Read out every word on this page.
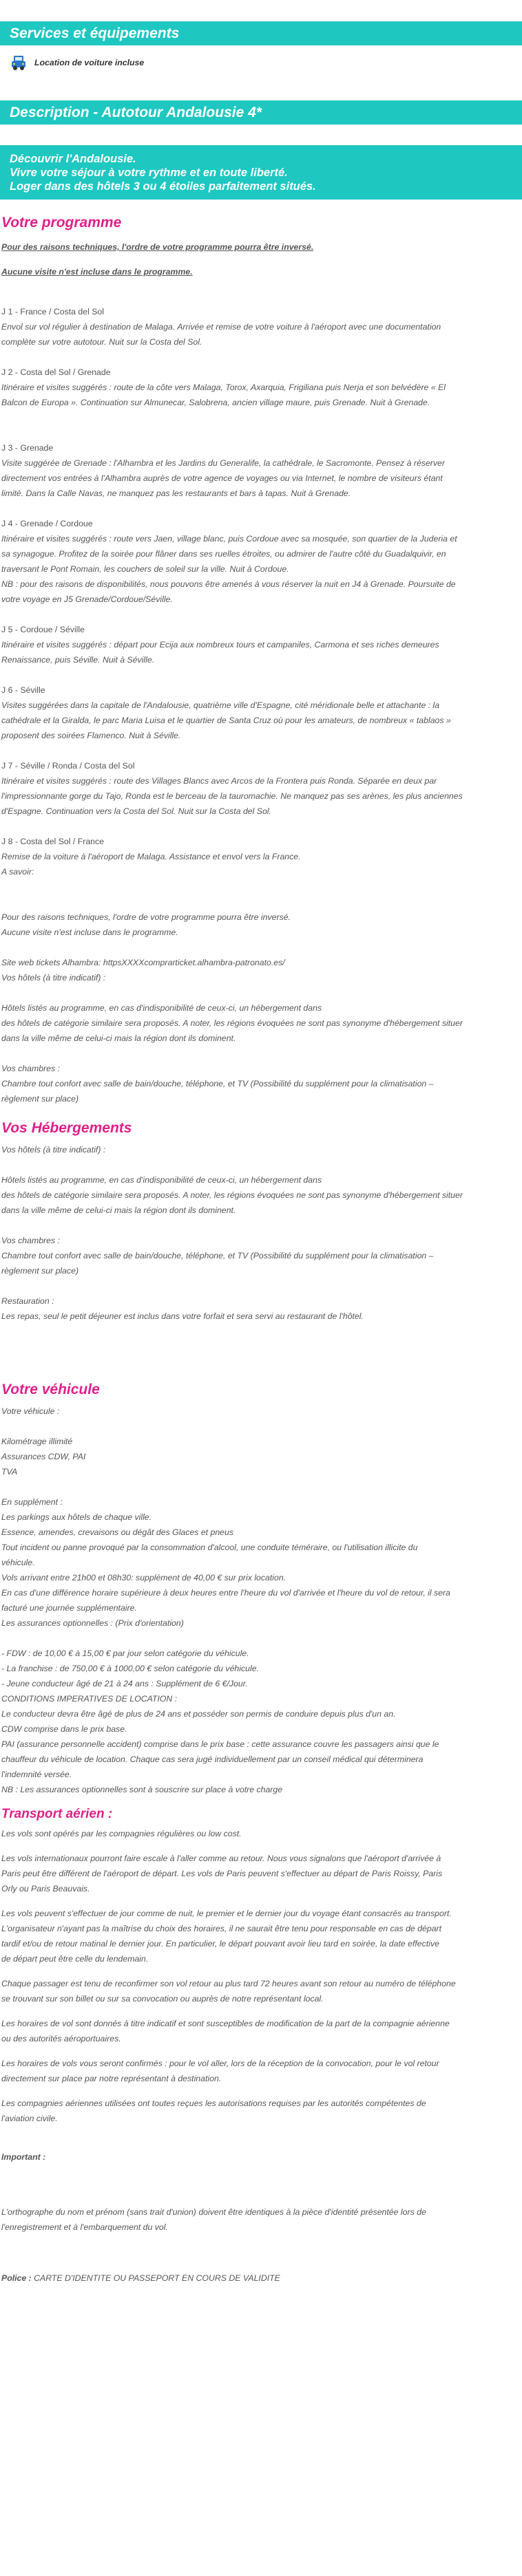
Services et équipements
Location de voiture incluse
Description - Autotour Andalousie 4*
Découvrir l'Andalousie.
Vivre votre séjour à votre rythme et en toute liberté.
Loger dans des hôtels 3 ou 4 étoiles parfaitement situés.
Votre programme

Pour des raisons techniques, l'ordre de votre programme pourra être inversé.

Aucune visite n'est incluse dans le programme.

J 1 - France / Costa del Sol

Envol sur vol régulier à destination de Malaga. Arrivée et remise de votre voiture à l'aéroport avec une documentation

complète sur votre autotour. Nuit sur la Costa del Sol.

J 2 - Costa del Sol / Grenade

Itinéraire et visites suggérés : route de la côte vers Malaga, Torox, Axarquia, Frigiliana puis Nerja et son belvédère « El

Balcon de Europa ». Continuation sur Almunecar, Salobrena, ancien village maure, puis Grenade. Nuit à Grenade.

J 3 - Grenade

Visite suggérée de Grenade : l'Alhambra et les Jardins du Generalife, la cathédrale, le Sacromonte. Pensez à réserver

directement vos entrées à l'Alhambra auprès de votre agence de voyages ou via Internet, le nombre de visiteurs étant

limité. Dans la Calle Navas, ne manquez pas les restaurants et bars à tapas. Nuit à Grenade.

J 4 - Grenade / Cordoue

Itinéraire et visites suggérés : route vers Jaen, village blanc, puis Cordoue avec sa mosquée, son quartier de la Juderia et

sa synagogue. Profitez de la soirée pour flâner dans ses ruelles étroites, ou admirer de l'autre côté du Guadalquivir, en

traversant le Pont Romain, les couchers de soleil sur la ville. Nuit à Cordoue.

NB : pour des raisons de disponibilités, nous pouvons être amenés à vous réserver la nuit en J4 à Grenade. Poursuite de

votre voyage en J5 Grenade/Cordoue/Séville.

J 5 - Cordoue / Séville

Itinéraire et visites suggérés : départ pour Ecija aux nombreux tours et campaniles, Carmona et ses riches demeures

Renaissance, puis Séville. Nuit à Séville.

J 6 - Séville

Visites suggérées dans la capitale de l'Andalousie, quatrième ville d'Espagne, cité méridionale belle et attachante : la

cathédrale et la Giralda, le parc Maria Luisa et le quartier de Santa Cruz où pour les amateurs, de nombreux « tablaos »

proposent des soirées Flamenco. Nuit à Séville.

J 7 - Séville / Ronda / Costa del Sol

Itinéraire et visites suggérés : route des Villages Blancs avec Arcos de la Frontera puis Ronda. Séparée en deux par

l'impressionnante gorge du Tajo, Ronda est le berceau de la tauromachie. Ne manquez pas ses arènes, les plus anciennes

d'Espagne. Continuation vers la Costa del Sol. Nuit sur la Costa del Sol.

J 8 - Costa del Sol / France

Remise de la voiture à l'aéroport de Malaga. Assistance et envol vers la France.

A savoir:

Pour des raisons techniques, l'ordre de votre programme pourra être inversé.

Aucune visite n'est incluse dans le programme.

Site web tickets Alhambra: httpsXXXXcomprarticket.alhambra-patronato.es/

Vos hôtels (à titre indicatif) :

Hôtels listés au programme, en cas d'indisponibilité de ceux-ci, un hébergement dans

des hôtels de catégorie similaire sera proposés. A noter, les régions évoquées ne sont pas synonyme d'hébergement situer

dans la ville même de celui-ci mais la région dont ils dominent.

Vos chambres :

Chambre tout confort avec salle de bain/douche, téléphone, et TV (Possibilité du supplément pour la climatisation –

règlement sur place)

Vos Hébergements

Vos hôtels (à titre indicatif) :

Hôtels listés au programme, en cas d'indisponibilité de ceux-ci, un hébergement dans

des hôtels de catégorie similaire sera proposés. A noter, les régions évoquées ne sont pas synonyme d'hébergement situer

dans la ville même de celui-ci mais la région dont ils dominent.

Vos chambres :

Chambre tout confort avec salle de bain/douche, téléphone, et TV (Possibilité du supplément pour la climatisation –

règlement sur place)

Restauration :

Les repas, seul le petit déjeuner est inclus dans votre forfait et sera servi au restaurant de l'hôtel.

Votre véhicule

Votre véhicule :

Kilométrage illimité

Assurances CDW, PAI

TVA

En supplément :

Les parkings aux hôtels de chaque ville.

Essence, amendes, crevaisons ou dégât des Glaces et pneus

Tout incident ou panne provoqué par la consommation d'alcool, une conduite téméraire, ou l'utilisation illicite du

véhicule.

Vols arrivant entre 21h00 et 08h30: supplément de 40,00 € sur prix location.

En cas d'une différence horaire supérieure à deux heures entre l'heure du vol d'arrivée et l'heure du vol de retour, il sera

facturé une journée supplémentaire.

Les assurances optionnelles : (Prix d'orientation)

- FDW : de 10,00 € à 15,00 € par jour selon catégorie du véhicule.

- La franchise : de 750,00 € à 1000,00 € selon catégorie du véhicule.

- Jeune conducteur âgé de 21 à 24 ans : Supplément de 6 €/Jour.

CONDITIONS IMPERATIVES DE LOCATION :

Le conducteur devra être âgé de plus de 24 ans et posséder son permis de conduire depuis plus d'un an.

CDW comprise dans le prix base.

PAI (assurance personnelle accident) comprise dans le prix base : cette assurance couvre les passagers ainsi que le

chauffeur du véhicule de location. Chaque cas sera jugé individuellement par un conseil médical qui déterminera

l'indemnité versée.

NB : Les assurances optionnelles sont à souscrire sur place à votre charge

Transport aérien :

Les vols sont opérés par les compagnies régulières ou low cost.

Les vols internationaux pourront faire escale à l'aller comme au retour. Nous vous signalons que l'aéroport d'arrivée à

Paris peut être différent de l'aéroport de départ. Les vols de Paris peuvent s'effectuer au départ de Paris Roissy, Paris

Orly ou Paris Beauvais.

Les vols peuvent s'effectuer de jour comme de nuit, le premier et le dernier jour du voyage étant consacrés au transport.

L'organisateur n'ayant pas la maîtrise du choix des horaires, il ne saurait être tenu pour responsable en cas de départ

tardif et/ou de retour matinal le dernier jour. En particulier, le départ pouvant avoir lieu tard en soirée, la date effective

de départ peut être celle du lendemain.

Chaque passager est tenu de reconfirmer son vol retour au plus tard 72 heures avant son retour au numéro de téléphone

se trouvant sur son billet ou sur sa convocation ou auprès de notre représentant local.

Les horaires de vol sont donnés à titre indicatif et sont susceptibles de modification de la part de la compagnie aérienne

ou des autorités aéroportuaires.

Les horaires de vols vous seront confirmés : pour le vol aller, lors de la réception de la convocation, pour le vol retour

directement sur place par notre représentant à destination.

Les compagnies aériennes utilisées ont toutes reçues les autorisations requises par les autorités compétentes de

l'aviation civile.

Important :

L'orthographe du nom et prénom (sans trait d'union) doivent être identiques à la pièce d'identité présentée lors de

l'enregistrement et à l'embarquement du vol.

Police : CARTE D'IDENTITE OU PASSEPORT EN COURS DE VALIDITE
